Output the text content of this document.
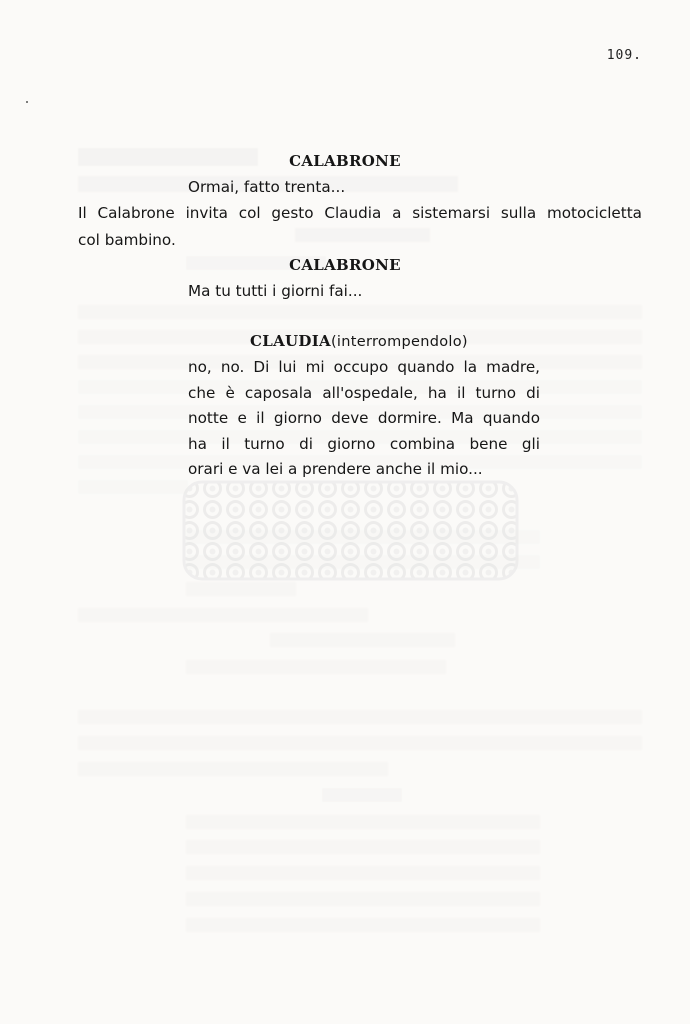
109.
CALABRONE
Ormai, fatto trenta...
Il Calabrone invita col gesto Claudia a sistemarsi sulla motocicletta
col bambino.
CALABRONE
Ma tu tutti i giorni fai...
CLAUDIA(interrompendolo)
no, no. Di lui mi occupo quando la madre,
che è caposala all'ospedale, ha il turno di
notte e il giorno deve dormire. Ma quando
ha il turno di giorno combina bene gli
orari e va lei a prendere anche il mio...
